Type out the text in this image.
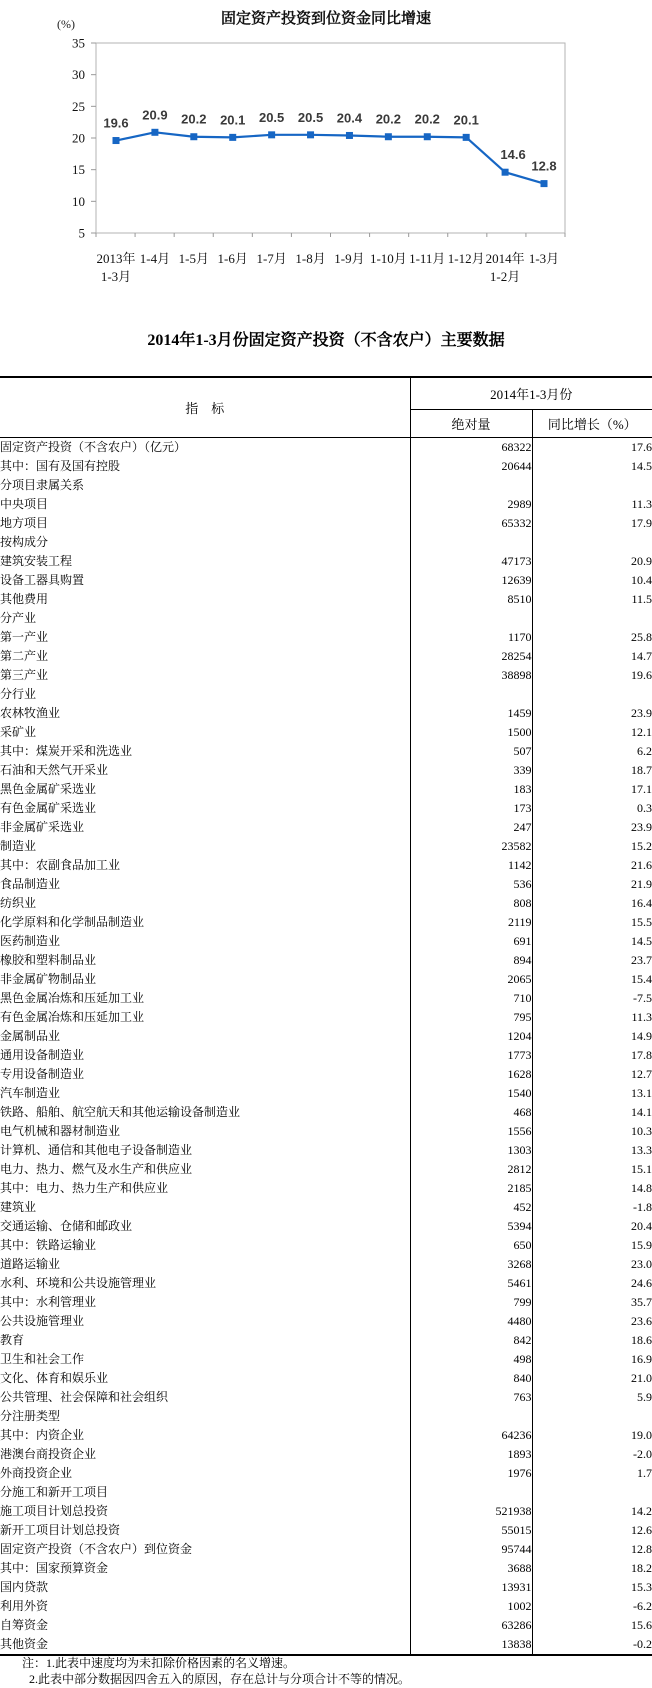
固定资产投资到位资金同比增速
(%)
35
30
25
20
15
10
5
19.6
20.9 20.2 20.1 20.5 20.5 20.4 20.2 20.2 20.1
14.6
12.8
2013年
1-3月
1-4月 1-5月 1-6月 1-7月 1-8月 1-9月 1-10月 1-11月 1-12月 2014年
1-2月
1-3月
2014年1-3月份固定资产投资（不含农户）主要数据
指　标	2014年1-3月份	
	绝对量	同比增长（%）
固定资产投资（不含农户）（亿元）	68322	17.6
其中：国有及国有控股	20644	14.5
分项目隶属关系		
中央项目	2989	11.3
地方项目	65332	17.9
按构成分		
建筑安装工程	47173	20.9
设备工器具购置	12639	10.4
其他费用	8510	11.5
分产业		
第一产业	1170	25.8
第二产业	28254	14.7
第三产业	38898	19.6
分行业		
农林牧渔业	1459	23.9
采矿业	1500	12.1
其中：煤炭开采和洗选业	507	6.2
石油和天然气开采业	339	18.7
黑色金属矿采选业	183	17.1
有色金属矿采选业	173	0.3
非金属矿采选业	247	23.9
制造业	23582	15.2
其中：农副食品加工业	1142	21.6
食品制造业	536	21.9
纺织业	808	16.4
化学原料和化学制品制造业	2119	15.5
医药制造业	691	14.5
橡胶和塑料制品业	894	23.7
非金属矿物制品业	2065	15.4
黑色金属冶炼和压延加工业	710	-7.5
有色金属冶炼和压延加工业	795	11.3
金属制品业	1204	14.9
通用设备制造业	1773	17.8
专用设备制造业	1628	12.7
汽车制造业	1540	13.1
铁路、船舶、航空航天和其他运输设备制造业	468	14.1
电气机械和器材制造业	1556	10.3
计算机、通信和其他电子设备制造业	1303	13.3
电力、热力、燃气及水生产和供应业	2812	15.1
其中：电力、热力生产和供应业	2185	14.8
建筑业	452	-1.8
交通运输、仓储和邮政业	5394	20.4
其中：铁路运输业	650	15.9
道路运输业	3268	23.0
水利、环境和公共设施管理业	5461	24.6
其中：水利管理业	799	35.7
公共设施管理业	4480	23.6
教育	842	18.6
卫生和社会工作	498	16.9
文化、体育和娱乐业	840	21.0
公共管理、社会保障和社会组织	763	5.9
分注册类型		
其中：内资企业	64236	19.0
港澳台商投资企业	1893	-2.0
外商投资企业	1976	1.7
分施工和新开工项目		
施工项目计划总投资	521938	14.2
新开工项目计划总投资	55015	12.6
固定资产投资（不含农户）到位资金	95744	12.8
其中：国家预算资金	3688	18.2
国内贷款	13931	15.3
利用外资	1002	-6.2
自筹资金	63286	15.6
其他资金	13838	-0.2
注：1.此表中速度均为未扣除价格因素的名义增速。
2.此表中部分数据因四舍五入的原因，存在总计与分项合计不等的情况。
